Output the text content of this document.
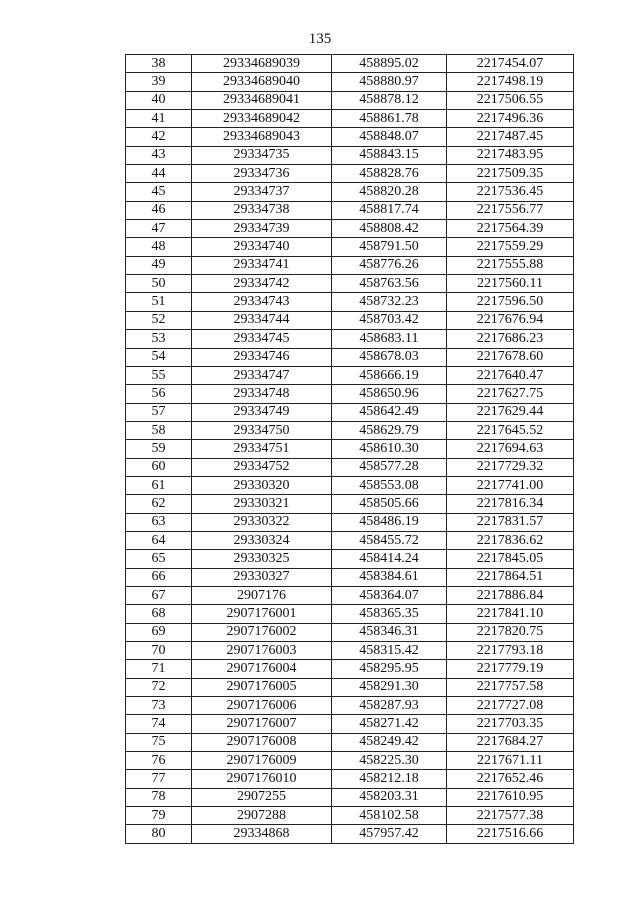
135
38	29334689039	458895.02	2217454.07
39	29334689040	458880.97	2217498.19
40	29334689041	458878.12	2217506.55
41	29334689042	458861.78	2217496.36
42	29334689043	458848.07	2217487.45
43	29334735	458843.15	2217483.95
44	29334736	458828.76	2217509.35
45	29334737	458820.28	2217536.45
46	29334738	458817.74	2217556.77
47	29334739	458808.42	2217564.39
48	29334740	458791.50	2217559.29
49	29334741	458776.26	2217555.88
50	29334742	458763.56	2217560.11
51	29334743	458732.23	2217596.50
52	29334744	458703.42	2217676.94
53	29334745	458683.11	2217686.23
54	29334746	458678.03	2217678.60
55	29334747	458666.19	2217640.47
56	29334748	458650.96	2217627.75
57	29334749	458642.49	2217629.44
58	29334750	458629.79	2217645.52
59	29334751	458610.30	2217694.63
60	29334752	458577.28	2217729.32
61	29330320	458553.08	2217741.00
62	29330321	458505.66	2217816.34
63	29330322	458486.19	2217831.57
64	29330324	458455.72	2217836.62
65	29330325	458414.24	2217845.05
66	29330327	458384.61	2217864.51
67	2907176	458364.07	2217886.84
68	2907176001	458365.35	2217841.10
69	2907176002	458346.31	2217820.75
70	2907176003	458315.42	2217793.18
71	2907176004	458295.95	2217779.19
72	2907176005	458291.30	2217757.58
73	2907176006	458287.93	2217727.08
74	2907176007	458271.42	2217703.35
75	2907176008	458249.42	2217684.27
76	2907176009	458225.30	2217671.11
77	2907176010	458212.18	2217652.46
78	2907255	458203.31	2217610.95
79	2907288	458102.58	2217577.38
80	29334868	457957.42	2217516.66
